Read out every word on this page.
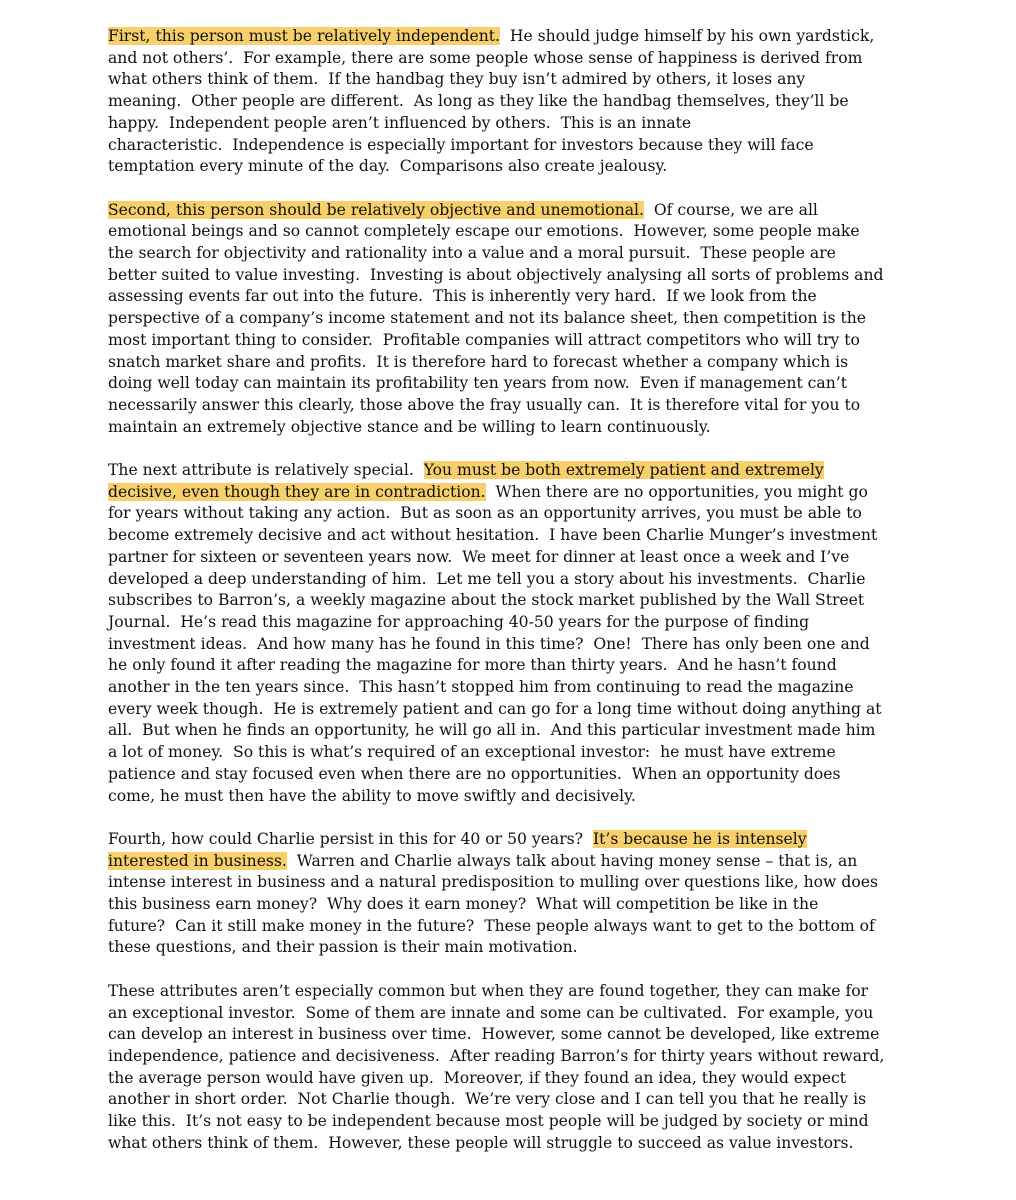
First, this person must be relatively independent.  He should judge himself by his own yardstick,
and not others’.  For example, there are some people whose sense of happiness is derived from
what others think of them.  If the handbag they buy isn’t admired by others, it loses any
meaning.  Other people are different.  As long as they like the handbag themselves, they’ll be
happy.  Independent people aren’t influenced by others.  This is an innate
characteristic.  Independence is especially important for investors because they will face
temptation every minute of the day.  Comparisons also create jealousy.
Second, this person should be relatively objective and unemotional.  Of course, we are all
emotional beings and so cannot completely escape our emotions.  However, some people make
the search for objectivity and rationality into a value and a moral pursuit.  These people are
better suited to value investing.  Investing is about objectively analysing all sorts of problems and
assessing events far out into the future.  This is inherently very hard.  If we look from the
perspective of a company’s income statement and not its balance sheet, then competition is the
most important thing to consider.  Profitable companies will attract competitors who will try to
snatch market share and profits.  It is therefore hard to forecast whether a company which is
doing well today can maintain its profitability ten years from now.  Even if management can’t
necessarily answer this clearly, those above the fray usually can.  It is therefore vital for you to
maintain an extremely objective stance and be willing to learn continuously.
The next attribute is relatively special.  You must be both extremely patient and extremely
decisive, even though they are in contradiction.  When there are no opportunities, you might go
for years without taking any action.  But as soon as an opportunity arrives, you must be able to
become extremely decisive and act without hesitation.  I have been Charlie Munger’s investment
partner for sixteen or seventeen years now.  We meet for dinner at least once a week and I’ve
developed a deep understanding of him.  Let me tell you a story about his investments.  Charlie
subscribes to Barron’s, a weekly magazine about the stock market published by the Wall Street
Journal.  He’s read this magazine for approaching 40-50 years for the purpose of finding
investment ideas.  And how many has he found in this time?  One!  There has only been one and
he only found it after reading the magazine for more than thirty years.  And he hasn’t found
another in the ten years since.  This hasn’t stopped him from continuing to read the magazine
every week though.  He is extremely patient and can go for a long time without doing anything at
all.  But when he finds an opportunity, he will go all in.  And this particular investment made him
a lot of money.  So this is what’s required of an exceptional investor:  he must have extreme
patience and stay focused even when there are no opportunities.  When an opportunity does
come, he must then have the ability to move swiftly and decisively.
Fourth, how could Charlie persist in this for 40 or 50 years?  It’s because he is intensely
interested in business.  Warren and Charlie always talk about having money sense – that is, an
intense interest in business and a natural predisposition to mulling over questions like, how does
this business earn money?  Why does it earn money?  What will competition be like in the
future?  Can it still make money in the future?  These people always want to get to the bottom of
these questions, and their passion is their main motivation.
These attributes aren’t especially common but when they are found together, they can make for
an exceptional investor.  Some of them are innate and some can be cultivated.  For example, you
can develop an interest in business over time.  However, some cannot be developed, like extreme
independence, patience and decisiveness.  After reading Barron’s for thirty years without reward,
the average person would have given up.  Moreover, if they found an idea, they would expect
another in short order.  Not Charlie though.  We’re very close and I can tell you that he really is
like this.  It’s not easy to be independent because most people will be judged by society or mind
what others think of them.  However, these people will struggle to succeed as value investors.
